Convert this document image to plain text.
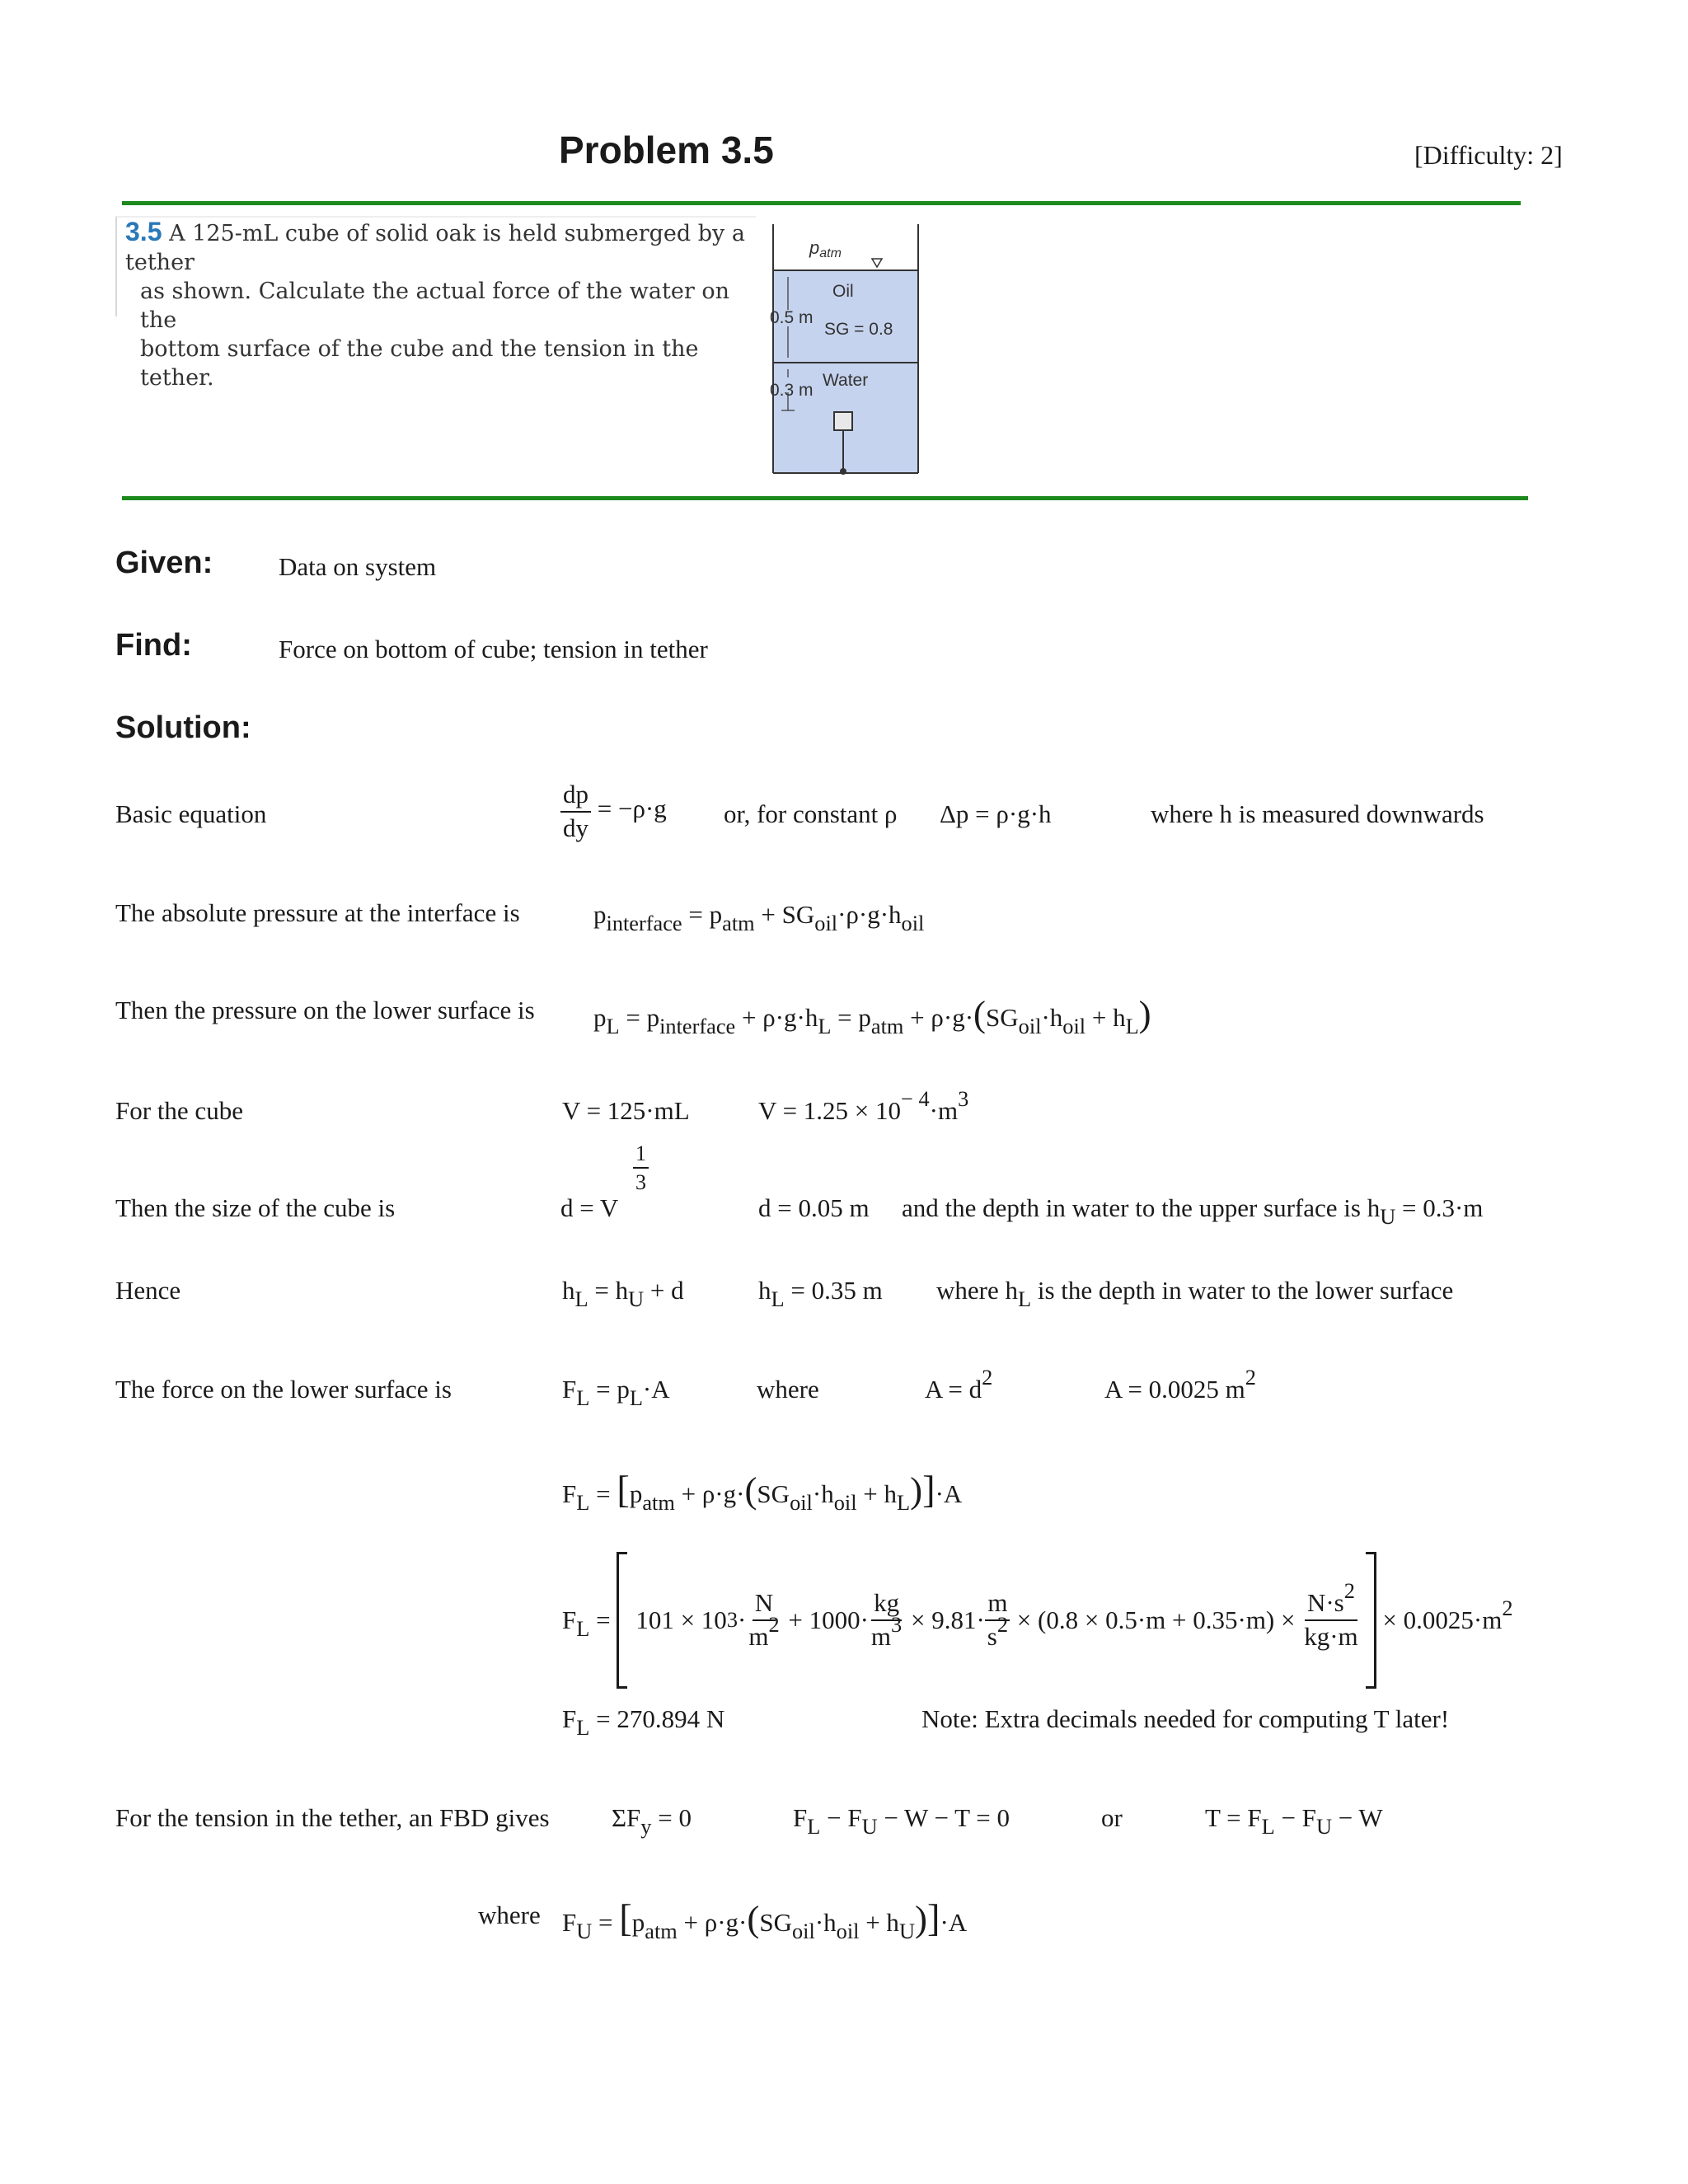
Problem 3.5	[Difficulty: 2]
3.5 A 125-mL cube of solid oak is held submerged by a tether
as shown. Calculate the actual force of the water on the
bottom surface of the cube and the tension in the tether.
patm
Oil
0.5 m
SG = 0.8
Water
0.3 m
Given:	Data on system
Find:	Force on bottom of cube; tension in tether
Solution:
Basic equation	$\frac{dp}{dy} = -\rho\cdot g$ or, for constant ρ Δp = ρ·g·h	where h is measured downwards
The absolute pressure at the interface is	$p_{interface} = p_{atm} + SG_{oil}\cdot\rho\cdot g\cdot h_{oil}$
Then the pressure on the lower surface is $p_L = p_{interface} + \rho\cdot g\cdot h_L = p_{atm} + \rho\cdot g\cdot(SG_{oil}\cdot h_{oil} + h_L)$
For the cube	V = 125·mL	$V = 1.25 \times 10^{- 4}\cdot m^3$
Then the size of the cube is	d = V
$\frac{1}{3}$
d = 0.05 m and the depth in water to the upper surface is $h_U = 0.3\cdot m$
Hence	$h_L = h_U + d$	$h_L = 0.35$ m where $h_L$ is the depth in water to the lower surface
The force on the lower surface is	$F_L = p_L\cdot A$	where	$A = d^2$	A = 0.0025 $m^2$
$F_L = [p_{atm} + \rho\cdot g\cdot(SG_{oil}\cdot h_{oil} + h_L)]\cdot A$
$F_L = 101 \times 10$ $3 \cdot \frac{N}{m^2} + 1000\cdot \frac{kg}{m^3} \times 9.81\cdot \frac{m}{s^2} \times (0.8 \times 0.5\cdot m + 0.35\cdot m) \times \frac{N\cdot s^2}{kg\cdot m} \times 0.0025\cdot m^2$
$F_L = 270.894$ N	Note: Extra decimals needed for computing T later!
For the tension in the tether, an FBD gives $\Sigma F_y = 0$	$F_L - F_U - W - T = 0$	or	$T = F_L - F_U - W$
where $F_U = [p_{atm} + \rho\cdot g\cdot(SG_{oil}\cdot h_{oil} + h_U)]\cdot A$
